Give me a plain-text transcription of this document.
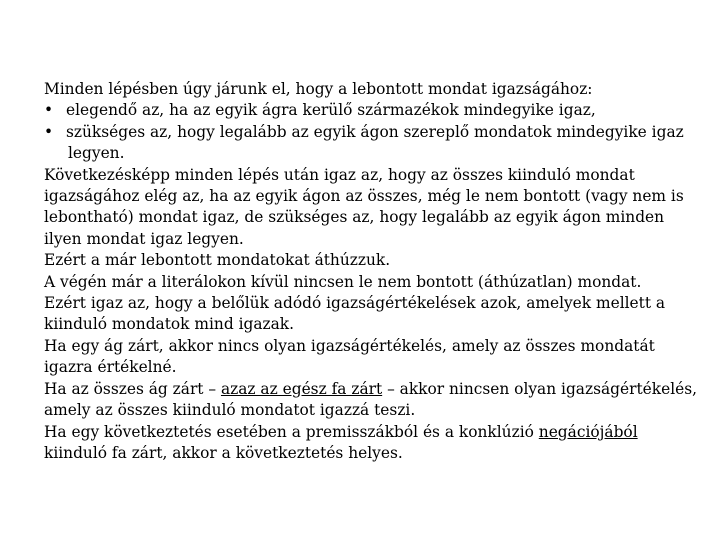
Minden lépésben úgy járunk el, hogy a lebontott mondat igazságához:
• elegendő az, ha az egyik ágra kerülő származékok mindegyike igaz,
• szükséges az, hogy legalább az egyik ágon szereplő mondatok mindegyike igaz
legyen.
Következésképp minden lépés után igaz az, hogy az összes kiinduló mondat
igazságához elég az, ha az egyik ágon az összes, még le nem bontott (vagy nem is
lebontható) mondat igaz, de szükséges az, hogy legalább az egyik ágon minden
ilyen mondat igaz legyen.
Ezért a már lebontott mondatokat áthúzzuk.
A végén már a literálokon kívül nincsen le nem bontott (áthúzatlan) mondat.
Ezért igaz az, hogy a belőlük adódó igazságértékelések azok, amelyek mellett a
kiinduló mondatok mind igazak.
Ha egy ág zárt, akkor nincs olyan igazságértékelés, amely az összes mondatát
igazra értékelné.
Ha az összes ág zárt – azaz az egész fa zárt – akkor nincsen olyan igazságértékelés,
amely az összes kiinduló mondatot igazzá teszi.
Ha egy következtetés esetében a premisszákból és a konklúzió negációjából
kiinduló fa zárt, akkor a következtetés helyes.
